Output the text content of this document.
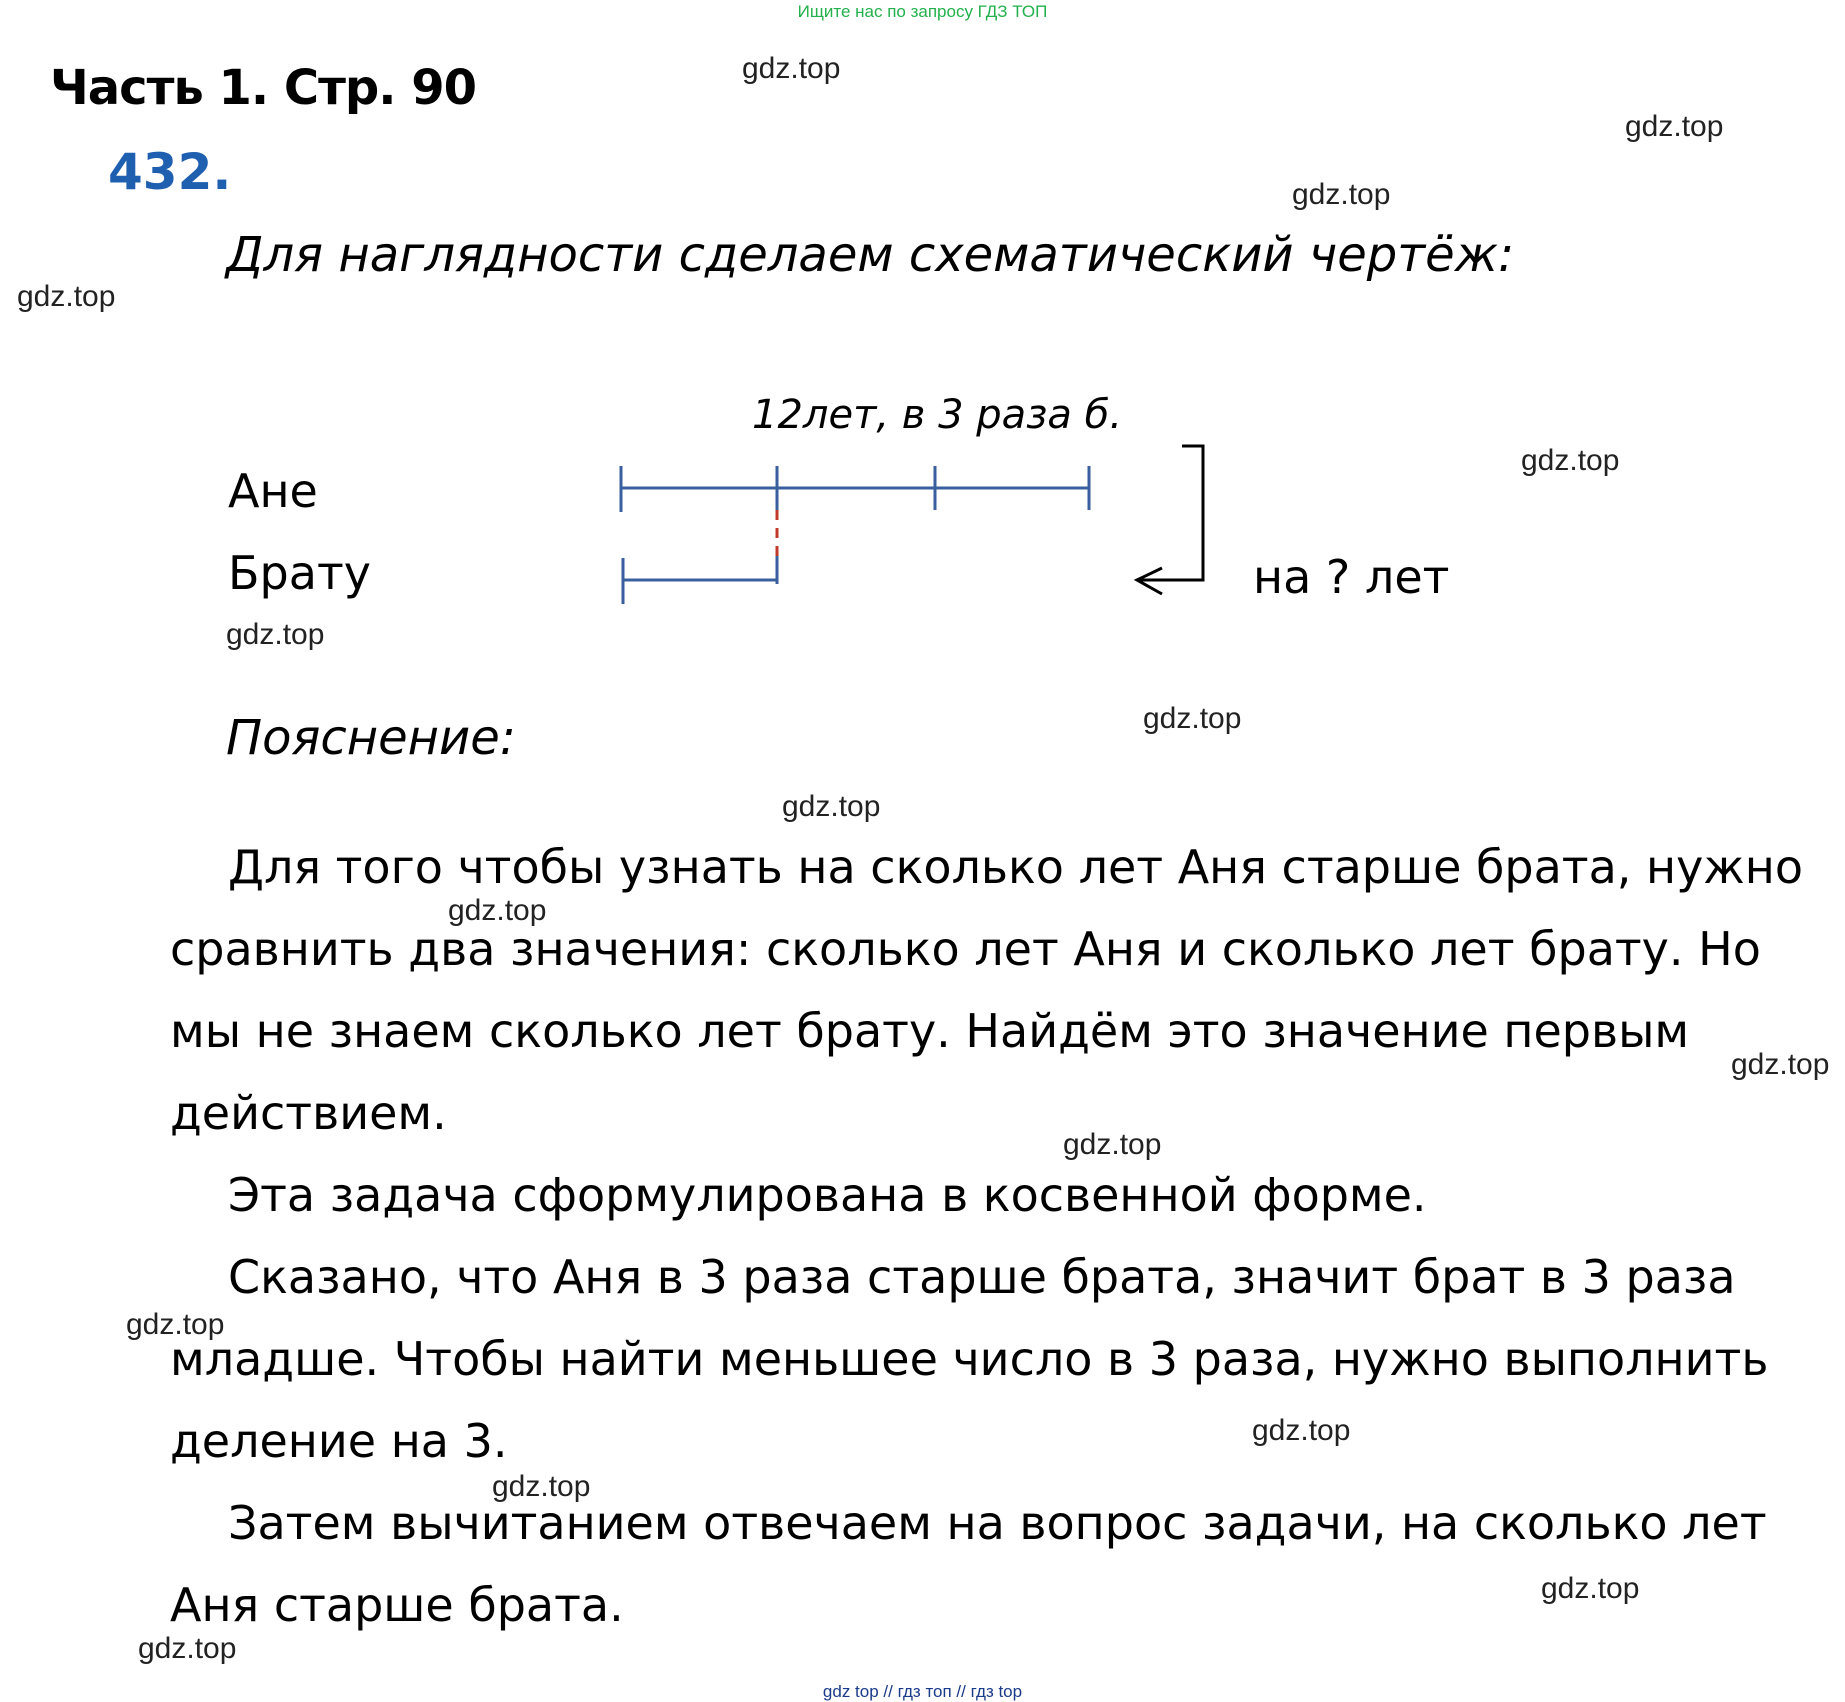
Ищите нас по запросу ГДЗ ТОП
Часть 1. Стр. 90
432.
Для наглядности сделаем схематический чертёж:
gdz.top
gdz.top
gdz.top
gdz.top
gdz.top
gdz.top
gdz.top
gdz.top
gdz.top
gdz.top
gdz.top
gdz.top
gdz.top
gdz.top
gdz.top
gdz.top
12лет, в 3 раза б.
Ане
Брату	на ? лет
Пояснение:
Для того чтобы узнать на сколько лет Аня старше брата, нужно
сравнить два значения: сколько лет Аня и сколько лет брату. Но
мы не знаем сколько лет брату. Найдём это значение первым
действием.
Эта задача сформулирована в косвенной форме.
Сказано, что Аня в 3 раза старше брата, значит брат в 3 раза
младше. Чтобы найти меньшее число в 3 раза, нужно выполнить
деление на 3.
Затем вычитанием отвечаем на вопрос задачи, на сколько лет
Аня старше брата.
gdz top // гдз топ // гдз top
